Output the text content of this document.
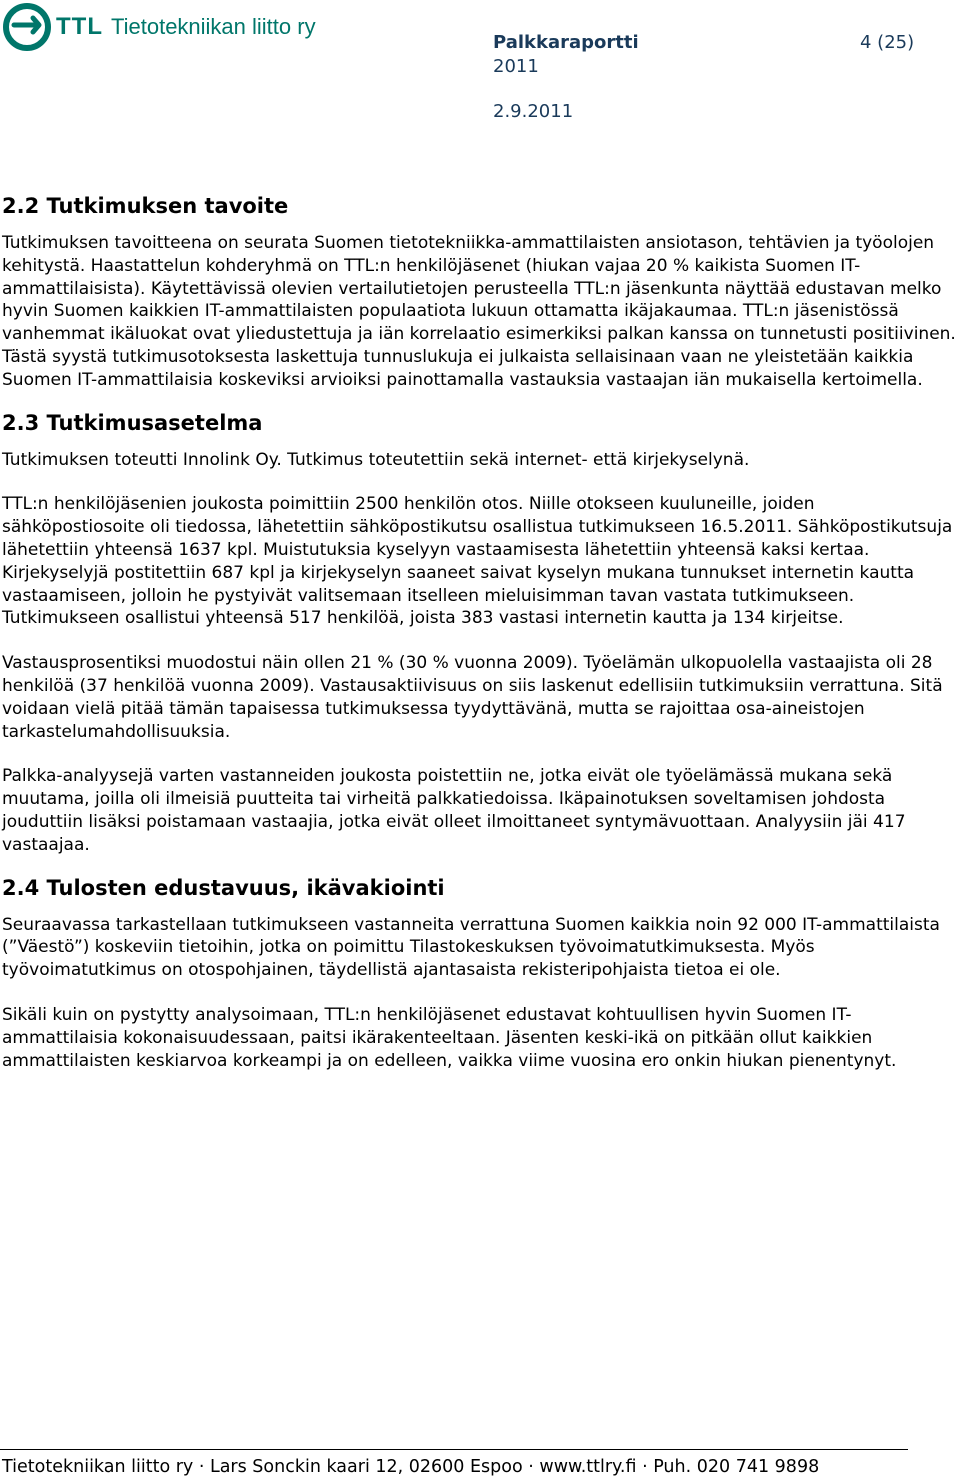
TTL Tietotekniikan liitto ry
Palkkaraportti
2011
4 (25)
2.9.2011
2.2 Tutkimuksen tavoite

Tutkimuksen tavoitteena on seurata Suomen tietotekniikka-ammattilaisten ansiotason, tehtävien ja työolojen kehitystä. Haastattelun kohderyhmä on TTL:n henkilöjäsenet (hiukan vajaa 20 % kaikista Suomen IT-ammattilaisista). Käytettävissä olevien vertailutietojen perusteella TTL:n jäsenkunta näyttää edustavan melko hyvin Suomen kaikkien IT-ammattilaisten populaatiota lukuun ottamatta ikäjakaumaa. TTL:n jäsenistössä vanhemmat ikäluokat ovat yliedustettuja ja iän korrelaatio esimerkiksi palkan kanssa on tunnetusti positiivinen. Tästä syystä tutkimusotoksesta laskettuja tunnuslukuja ei julkaista sellaisinaan vaan ne yleistetään kaikkia Suomen IT-ammattilaisia koskeviksi arvioiksi painottamalla vastauksia vastaajan iän mukaisella kertoimella.

2.3 Tutkimusasetelma

Tutkimuksen toteutti Innolink Oy. Tutkimus toteutettiin sekä internet- että kirjekyselynä.

TTL:n henkilöjäsenien joukosta poimittiin 2500 henkilön otos. Niille otokseen kuuluneille, joiden sähköpostiosoite oli tiedossa, lähetettiin sähköpostikutsu osallistua tutkimukseen 16.5.2011. Sähköpostikutsuja lähetettiin yhteensä 1637 kpl. Muistutuksia kyselyyn vastaamisesta lähetettiin yhteensä kaksi kertaa. Kirjekyselyjä postitettiin 687 kpl ja kirjekyselyn saaneet saivat kyselyn mukana tunnukset internetin kautta vastaamiseen, jolloin he pystyivät valitsemaan itselleen mieluisimman tavan vastata tutkimukseen. Tutkimukseen osallistui yhteensä 517 henkilöä, joista 383 vastasi internetin kautta ja 134 kirjeitse.

Vastausprosentiksi muodostui näin ollen 21 % (30 % vuonna 2009). Työelämän ulkopuolella vastaajista oli 28 henkilöä (37 henkilöä vuonna 2009). Vastausaktiivisuus on siis laskenut edellisiin tutkimuksiin verrattuna. Sitä voidaan vielä pitää tämän tapaisessa tutkimuksessa tyydyttävänä, mutta se rajoittaa osa-aineistojen tarkastelumahdollisuuksia.

Palkka-analyysejä varten vastanneiden joukosta poistettiin ne, jotka eivät ole työelämässä mukana sekä muutama, joilla oli ilmeisiä puutteita tai virheitä palkkatiedoissa. Ikäpainotuksen soveltamisen johdosta jouduttiin lisäksi poistamaan vastaajia, jotka eivät olleet ilmoittaneet syntymävuottaan. Analyysiin jäi 417 vastaajaa.

2.4 Tulosten edustavuus, ikävakiointi

Seuraavassa tarkastellaan tutkimukseen vastanneita verrattuna Suomen kaikkia noin 92 000 IT-ammattilaista (”Väestö”) koskeviin tietoihin, jotka on poimittu Tilastokeskuksen työvoimatutkimuksesta. Myös työvoimatutkimus on otospohjainen, täydellistä ajantasaista rekisteripohjaista tietoa ei ole.

Sikäli kuin on pystytty analysoimaan, TTL:n henkilöjäsenet edustavat kohtuullisen hyvin Suomen IT-ammattilaisia kokonaisuudessaan, paitsi ikärakenteeltaan. Jäsenten keski-ikä on pitkään ollut kaikkien ammattilaisten keskiarvoa korkeampi ja on edelleen, vaikka viime vuosina ero onkin hiukan pienentynyt.

Tietotekniikan liitto ry · Lars Sonckin kaari 12, 02600 Espoo · www.ttlry.fi · Puh. 020 741 9898
